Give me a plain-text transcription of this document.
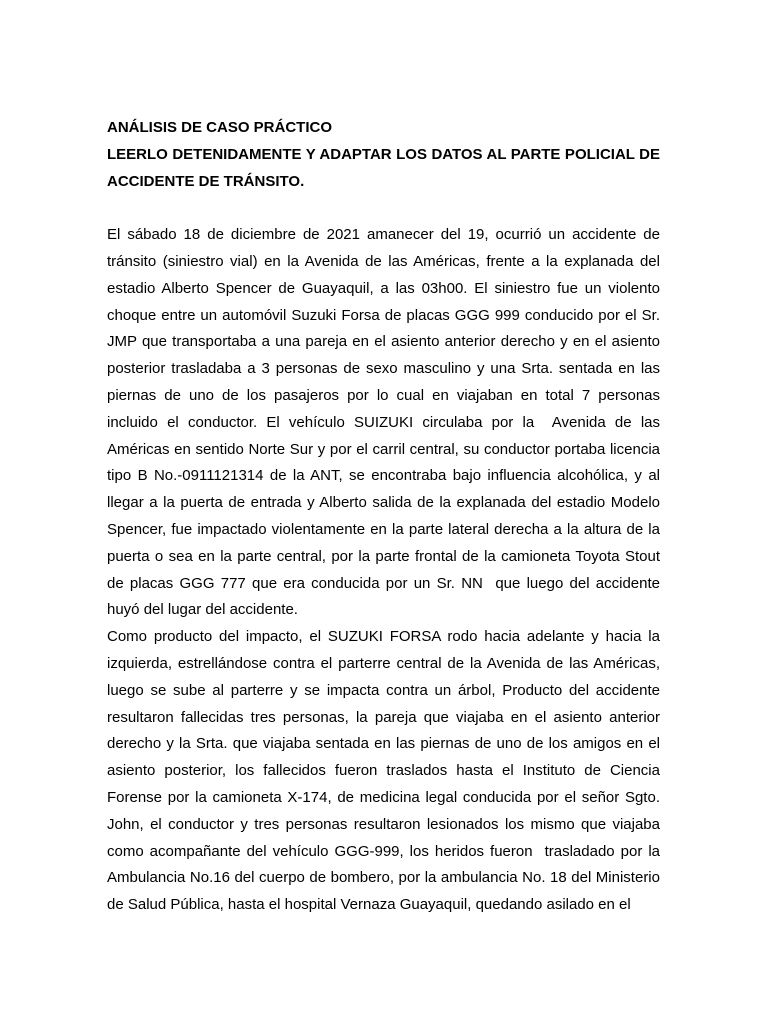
ANÁLISIS DE CASO PRÁCTICO

LEERLO DETENIDAMENTE Y ADAPTAR LOS DATOS AL PARTE POLICIAL DE ACCIDENTE DE TRÁNSITO.

El sábado 18 de diciembre de 2021 amanecer del 19, ocurrió un accidente de tránsito (siniestro vial) en la Avenida de las Américas, frente a la explanada del estadio Alberto Spencer de Guayaquil, a las 03h00. El siniestro fue un violento choque entre un automóvil Suzuki Forsa de placas GGG 999 conducido por el Sr. JMP que transportaba a una pareja en el asiento anterior derecho y en el asiento posterior trasladaba a 3 personas de sexo masculino y una Srta. sentada en las piernas de uno de los pasajeros por lo cual en viajaban en total 7 personas incluido el conductor. El vehículo SUIZUKI circulaba por la  Avenida de las Américas en sentido Norte Sur y por el carril central, su conductor portaba licencia tipo B No.-0911121314 de la ANT, se encontraba bajo influencia alcohólica, y al llegar a la puerta de entrada y Alberto salida de la explanada del estadio Modelo Spencer, fue impactado violentamente en la parte lateral derecha a la altura de la puerta o sea en la parte central, por la parte frontal de la camioneta Toyota Stout de placas GGG 777 que era conducida por un Sr. NN  que luego del accidente huyó del lugar del accidente.

Como producto del impacto, el SUZUKI FORSA rodo hacia adelante y hacia la izquierda, estrellándose contra el parterre central de la Avenida de las Américas, luego se sube al parterre y se impacta contra un árbol, Producto del accidente resultaron fallecidas tres personas, la pareja que viajaba en el asiento anterior derecho y la Srta. que viajaba sentada en las piernas de uno de los amigos en el asiento posterior, los fallecidos fueron traslados hasta el Instituto de Ciencia Forense por la camioneta X-174, de medicina legal conducida por el señor Sgto. John, el conductor y tres personas resultaron lesionados los mismo que viajaba como acompañante del vehículo GGG-999, los heridos fueron  trasladado por la Ambulancia No.16 del cuerpo de bombero, por la ambulancia No. 18 del Ministerio de Salud Pública, hasta el hospital Vernaza Guayaquil, quedando asilado en el
